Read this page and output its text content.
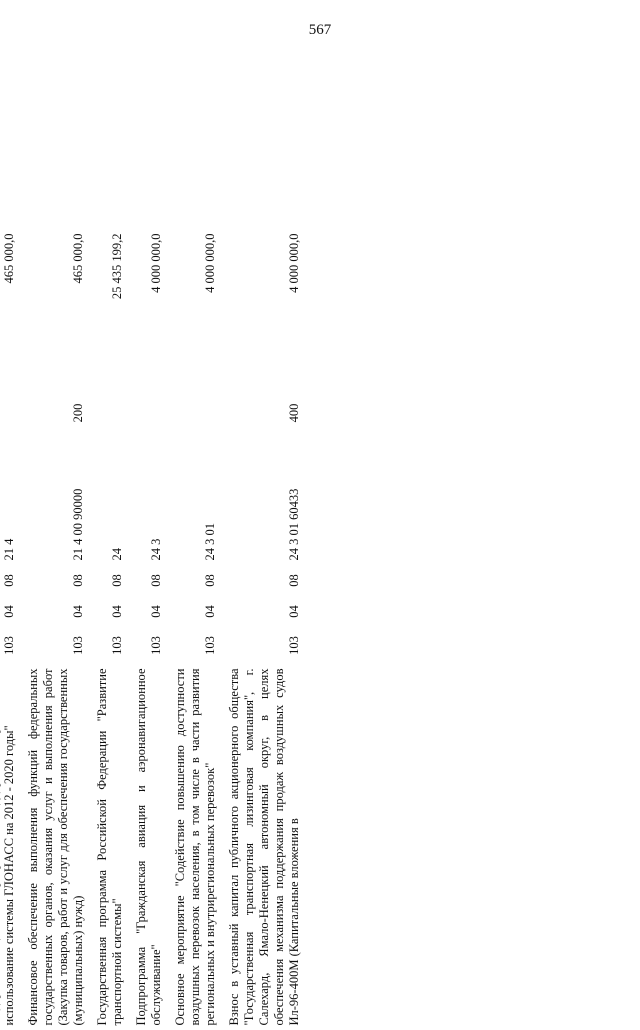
567

использование системы ГЛОНАСС на 2012 - 2020 годы"	103	04	08	21 4		465 000,0
Финансовое обеспечение выполнения функций федеральных государственных органов, оказания услуг и выполнения работ (Закупка товаров, работ и услуг для обеспечения государственных (муниципальных) нужд)	103	04	08	21 4 00 90000	200	465 000,0
Государственная программа Российской Федерации "Развитие транспортной системы"	103	04	08	24		25 435 199,2
Подпрограмма "Гражданская авиация и аэронавигационное обслуживание"	103	04	08	24 3		4 000 000,0
Основное мероприятие "Содействие повышению доступности воздушных перевозок населения, в том числе в части развития региональных и внутрирегиональных перевозок"	103	04	08	24 3 01		4 000 000,0
Взнос в уставный капитал публичного акционерного общества "Государственная транспортная лизинговая компания", г. Салехард, Ямало-Ненецкий автономный округ, в целях обеспечения механизма поддержания продаж воздушных судов Ил-96-400М (Капитальные вложения в	103	04	08	24 3 01 60433	400	4 000 000,0
